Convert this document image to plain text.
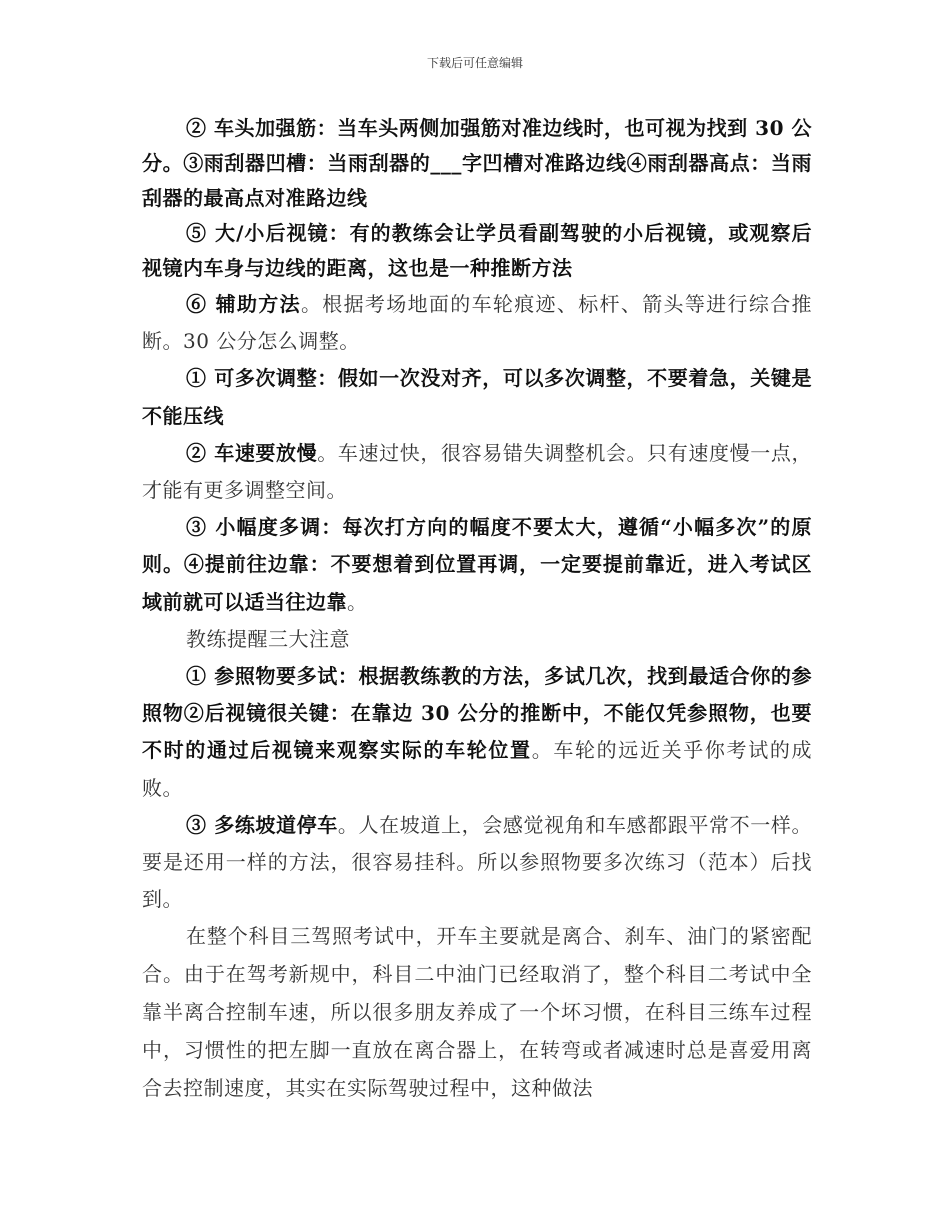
下载后可任意编辑

② 车头加强筋：当车头两侧加强筋对准边线时，也可视为找到 30 公分。③雨刮器凹槽：当雨刮器的___字凹槽对准路边线④雨刮器高点：当雨刮器的最高点对准路边线

⑤ 大/小后视镜：有的教练会让学员看副驾驶的小后视镜，或观察后视镜内车身与边线的距离，这也是一种推断方法

⑥ 辅助方法。根据考场地面的车轮痕迹、标杆、箭头等进行综合推断。30 公分怎么调整。

① 可多次调整：假如一次没对齐，可以多次调整，不要着急，关键是不能压线

② 车速要放慢。车速过快，很容易错失调整机会。只有速度慢一点，才能有更多调整空间。

③ 小幅度多调：每次打方向的幅度不要太大，遵循“小幅多次”的原则。④提前往边靠：不要想着到位置再调，一定要提前靠近，进入考试区域前就可以适当往边靠。

教练提醒三大注意

① 参照物要多试：根据教练教的方法，多试几次，找到最适合你的参照物②后视镜很关键：在靠边 30 公分的推断中，不能仅凭参照物，也要不时的通过后视镜来观察实际的车轮位置。车轮的远近关乎你考试的成败。

③ 多练坡道停车。人在坡道上，会感觉视角和车感都跟平常不一样。要是还用一样的方法，很容易挂科。所以参照物要多次练习（范本）后找到。

在整个科目三驾照考试中，开车主要就是离合、刹车、油门的紧密配合。由于在驾考新规中，科目二中油门已经取消了，整个科目二考试中全靠半离合控制车速，所以很多朋友养成了一个坏习惯，在科目三练车过程中，习惯性的把左脚一直放在离合器上，在转弯或者减速时总是喜爱用离合去控制速度，其实在实际驾驶过程中，这种做法
